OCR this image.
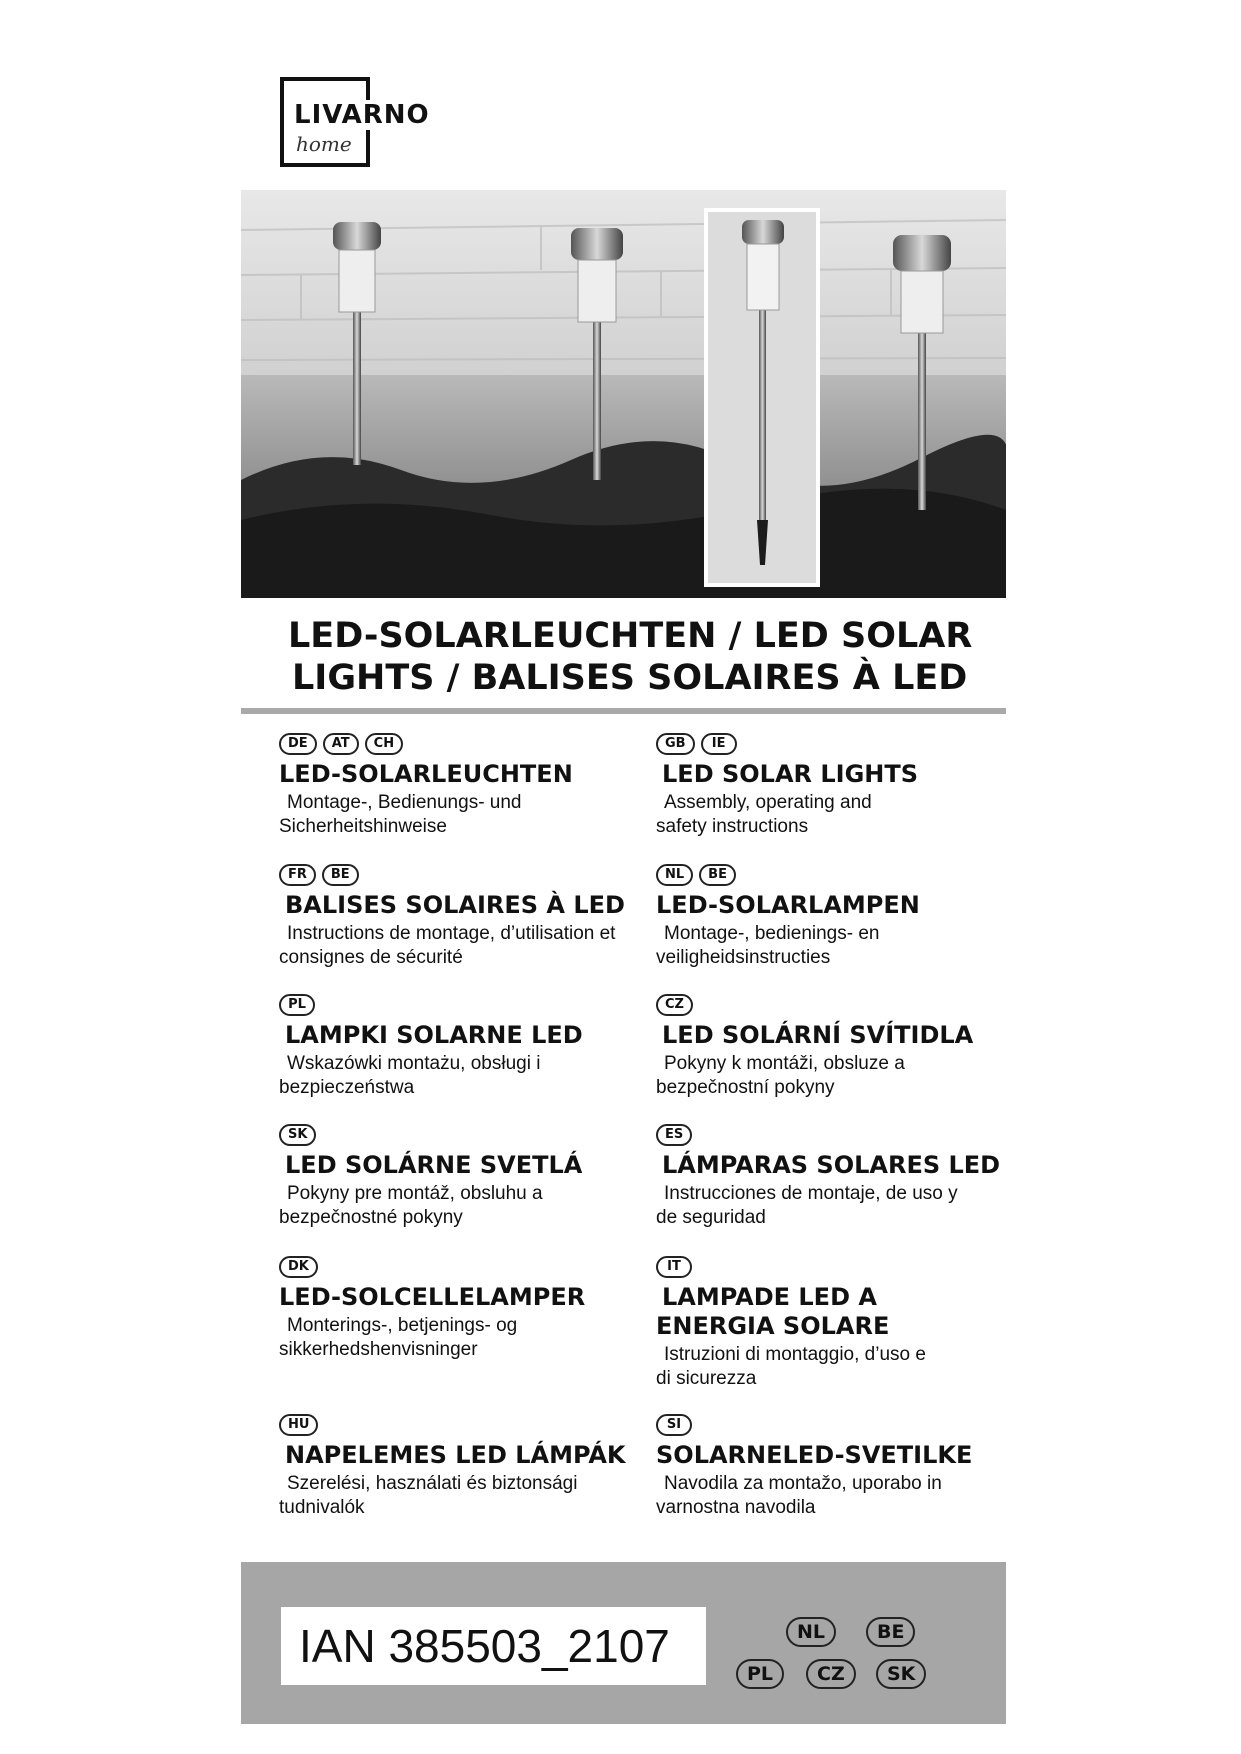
LIVARNO
home
LED-SOLARLEUCHTEN / LED SOLAR
LIGHTS / BALISES SOLAIRES À LED
DE	AT	CH
LED-SOLARLEUCHTEN
Montage-, Bedienungs- und
Sicherheitshinweise
GB	IE
LED SOLAR LIGHTS
Assembly, operating and
safety instructions
FR	BE
BALISES SOLAIRES À LED
Instructions de montage, d’utilisation et
consignes de sécurité
NL	BE
LED-SOLARLAMPEN
Montage-, bedienings- en
veiligheidsinstructies
PL
LAMPKI SOLARNE LED
Wskazówki montażu, obsługi i
bezpieczeństwa
CZ
LED SOLÁRNÍ SVÍTIDLA
Pokyny k montáži, obsluze a
bezpečnostní pokyny
SK
LED SOLÁRNE SVETLÁ
Pokyny pre montáž, obsluhu a
bezpečnostné pokyny
ES
LÁMPARAS SOLARES LED
Instrucciones de montaje, de uso y
de seguridad
DK
LED-SOLCELLELAMPER
Monterings-, betjenings- og
sikkerhedshenvisninger
IT
LAMPADE LED A
ENERGIA SOLARE
Istruzioni di montaggio, d’uso e
di sicurezza
HU
NAPELEMES LED LÁMPÁK
Szerelési, használati és biztonsági
tudnivalók
SI
SOLARNELED-SVETILKE
Navodila za montažo, uporabo in
varnostna navodila
IAN 385503_2107	NL	BE
PL	CZ	SK
